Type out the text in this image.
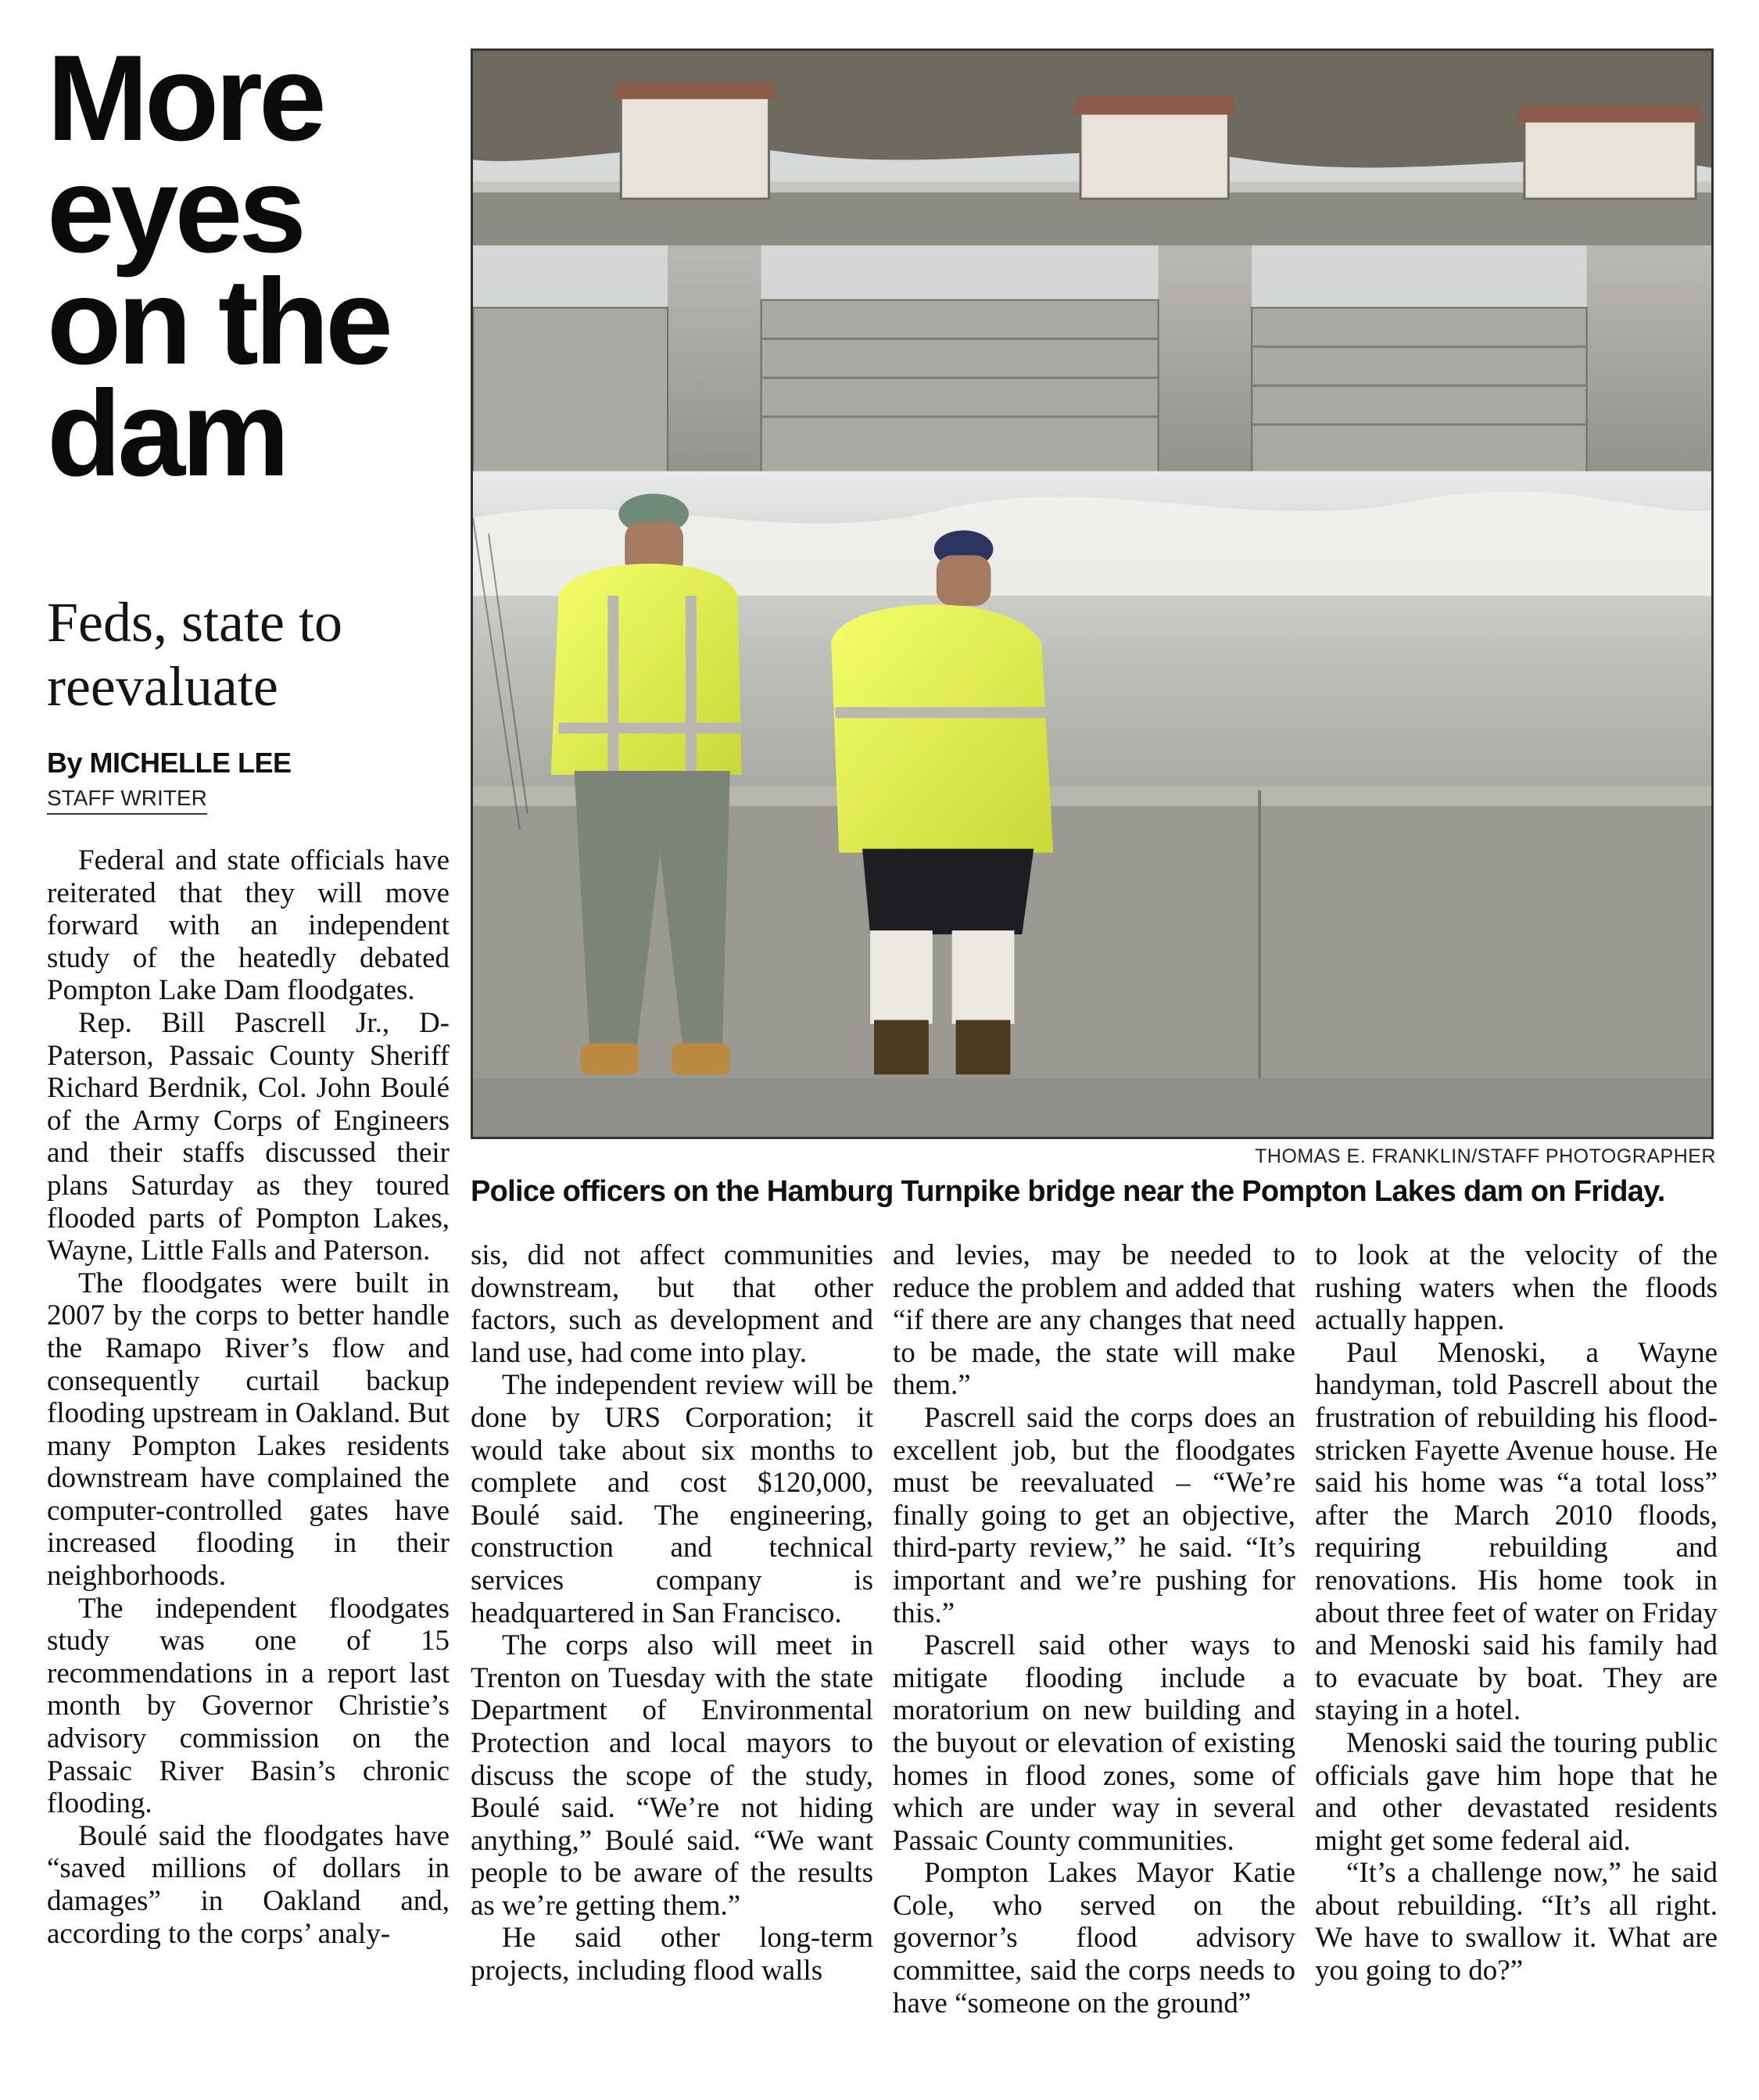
More
eyes
on the
dam
Feds, state to
reevaluate
By MICHELLE LEE
STAFF WRITER
THOMAS E. FRANKLIN/STAFF PHOTOGRAPHER
Police officers on the Hamburg Turnpike bridge near the Pompton Lakes dam on Friday.

Federal and state officials have reiterated that they will move forward with an independent study of the heatedly debated Pompton Lake Dam floodgates.

Rep. Bill Pascrell Jr., D-Paterson, Passaic County Sheriff Richard Berdnik, Col. John Boulé of the Army Corps of Engineers and their staffs discussed their plans Saturday as they toured flooded parts of Pompton Lakes, Wayne, Little Falls and Paterson.

The floodgates were built in 2007 by the corps to better handle the Ramapo River’s flow and consequently curtail backup flooding upstream in Oakland. But many Pompton Lakes residents downstream have complained the computer-controlled gates have increased flooding in their neighborhoods.

The independent floodgates study was one of 15 recommendations in a report last month by Governor Christie’s advisory commission on the Passaic River Basin’s chronic flooding.

Boulé said the floodgates have “saved millions of dollars in damages” in Oakland and, according to the corps’ analy-

sis, did not affect communities downstream, but that other factors, such as development and land use, had come into play.

The independent review will be done by URS Corporation; it would take about six months to complete and cost $120,000, Boulé said. The engineering, construction and technical services company is headquartered in San Francisco.

The corps also will meet in Trenton on Tuesday with the state Department of Environmental Protection and local mayors to discuss the scope of the study, Boulé said. “We’re not hiding anything,” Boulé said. “We want people to be aware of the results as we’re getting them.”

He said other long-term projects, including flood walls

and levies, may be needed to reduce the problem and added that “if there are any changes that need to be made, the state will make them.”

Pascrell said the corps does an excellent job, but the floodgates must be reevaluated – “We’re finally going to get an objective, third-party review,” he said. “It’s important and we’re pushing for this.”

Pascrell said other ways to mitigate flooding include a moratorium on new building and the buyout or elevation of existing homes in flood zones, some of which are under way in several Passaic County communities.

Pompton Lakes Mayor Katie Cole, who served on the governor’s flood advisory committee, said the corps needs to have “someone on the ground”

to look at the velocity of the rushing waters when the floods actually happen.

Paul Menoski, a Wayne handyman, told Pascrell about the frustration of rebuilding his flood-stricken Fayette Avenue house. He said his home was “a total loss” after the March 2010 floods, requiring rebuilding and renovations. His home took in about three feet of water on Friday and Menoski said his family had to evacuate by boat. They are staying in a hotel.

Menoski said the touring public officials gave him hope that he and other devastated residents might get some federal aid.

“It’s a challenge now,” he said about rebuilding. “It’s all right. We have to swallow it. What are you going to do?”
